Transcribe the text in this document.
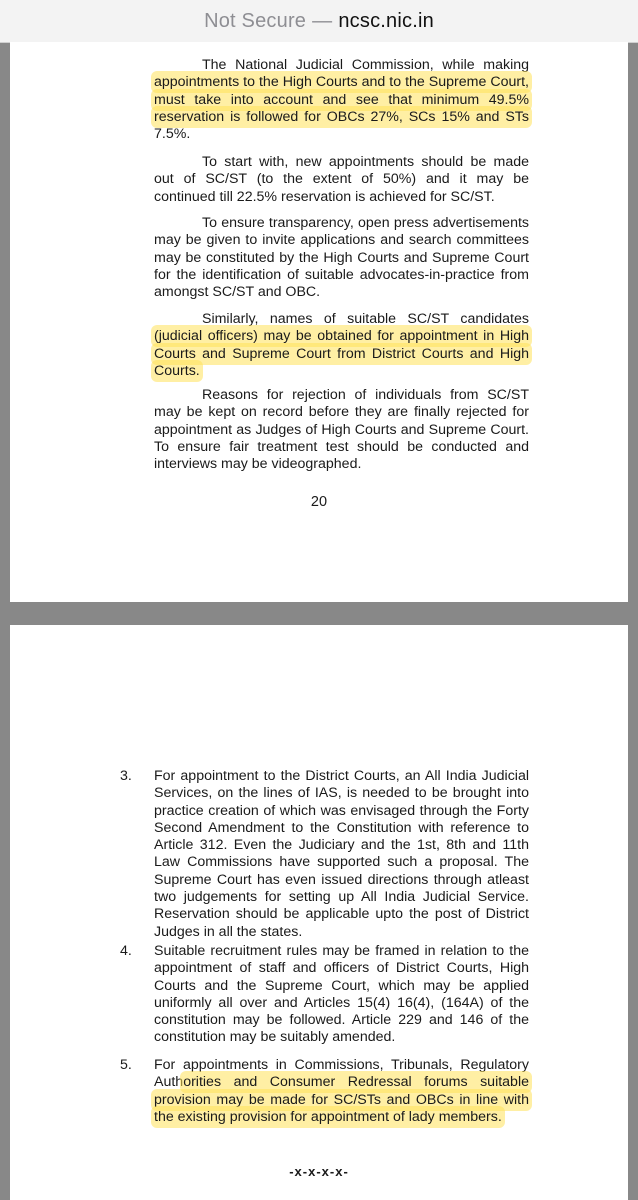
Not Secure — ncsc.nic.in

The National Judicial Commission, while making appointments to the High Courts and to the Supreme Court, must take into account and see that minimum 49.5% reservation is followed for OBCs 27%, SCs 15% and STs 7.5%.

To start with, new appointments should be made out of SC/ST (to the extent of 50%) and it may be continued till 22.5% reservation is achieved for SC/ST.

To ensure transparency, open press advertisements may be given to invite applications and search committees may be constituted by the High Courts and Supreme Court for the identification of suitable advocates-in-practice from amongst SC/ST and OBC.

Similarly, names of suitable SC/ST candidates (judicial officers) may be obtained for appointment in High Courts and Supreme Court from District Courts and High Courts.

Reasons for rejection of individuals from SC/ST may be kept on record before they are finally rejected for appointment as Judges of High Courts and Supreme Court. To ensure fair treatment test should be conducted and interviews may be videographed.

20
3. For appointment to the District Courts, an All India Judicial Services, on the lines of IAS, is needed to be brought into practice creation of which was envisaged through the Forty Second Amendment to the Constitution with reference to Article 312. Even the Judiciary and the 1st, 8th and 11th Law Commissions have supported such a proposal. The Supreme Court has even issued directions through atleast two judgements for setting up All India Judicial Service. Reservation should be applicable upto the post of District Judges in all the states.

4. Suitable recruitment rules may be framed in relation to the appointment of staff and officers of District Courts, High Courts and the Supreme Court, which may be applied uniformly all over and Articles 15(4) 16(4), (164A) of the constitution may be followed. Article 229 and 146 of the constitution may be suitably amended.

5. For appointments in Commissions, Tribunals, Regulatory Authorities and Consumer Redressal forums suitable provision may be made for SC/STs and OBCs in line with the existing provision for appointment of lady members.

-x-x-x-x-
